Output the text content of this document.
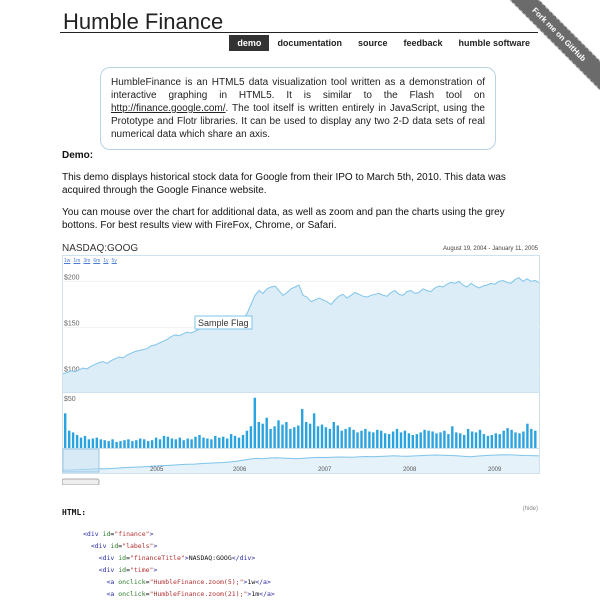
Fork me on GitHub
Humble Finance
demo	documentation	source	feedback	humble software
HumbleFinance is an HTML5 data visualization tool written as a demonstration of interactive graphing in HTML5. It is similar to the Flash tool on http://finance.google.com/. The tool itself is written entirely in JavaScript, using the Prototype and Flotr libraries. It can be used to display any two 2-D data sets of real numerical data which share an axis.
Demo:
This demo displays historical stock data for Google from their IPO to March 5th, 2010. This data was acquired through the Google Finance website.
You can mouse over the chart for additional data, as well as zoom and pan the charts using the grey bottons. For best results view with FireFox, Chrome, or Safari.
NASDAQ:GOOG	August 19, 2004 - January 11, 2005
$100
$150
$200
Sample Flag
$50
2005	2006	2007	2008	2009
1w 1m 3m 6m 1y 5y
HTML:	(hide)
<div id="finance">
<div id="labels">
<div id="financeTitle">NASDAQ:GOOG</div>
<div id="time">
<a onclick="HumbleFinance.zoom(5);">1w</a>
<a onclick="HumbleFinance.zoom(21);">1m</a>
